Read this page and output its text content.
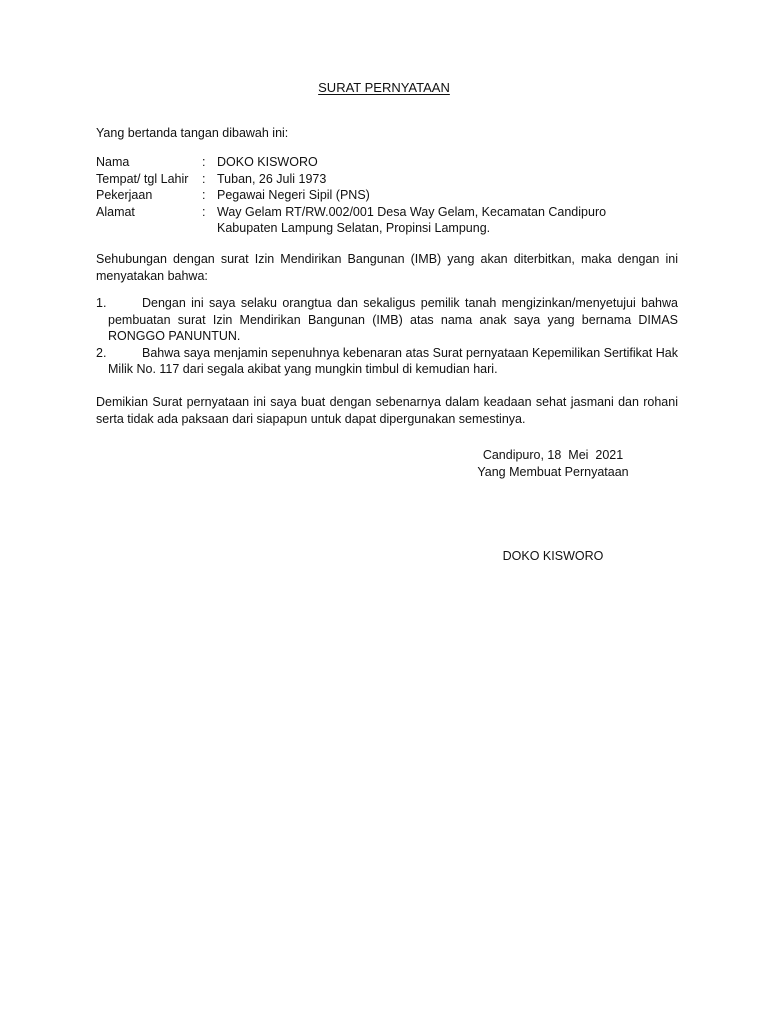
SURAT PERNYATAAN
Yang bertanda tangan dibawah ini:
Nama	: DOKO KISWORO
Tempat/ tgl Lahir	: Tuban, 26 Juli 1973
Pekerjaan	: Pegawai Negeri Sipil (PNS)
Alamat	: Way Gelam RT/RW.002/001 Desa Way Gelam, Kecamatan Candipuro
Kabupaten Lampung Selatan, Propinsi Lampung.
Sehubungan dengan surat Izin Mendirikan Bangunan (IMB) yang akan diterbitkan, maka dengan ini menyatakan bahwa:
1.	Dengan ini saya selaku orangtua dan sekaligus pemilik tanah mengizinkan/menyetujui bahwa pembuatan surat Izin Mendirikan Bangunan (IMB) atas nama anak saya yang bernama DIMAS RONGGO PANUNTUN.
2.	Bahwa saya menjamin sepenuhnya kebenaran atas Surat pernyataan Kepemilikan Sertifikat Hak Milik No. 117 dari segala akibat yang mungkin timbul di kemudian hari.
Demikian Surat pernyataan ini saya buat dengan sebenarnya dalam keadaan sehat jasmani dan rohani serta tidak ada paksaan dari siapapun untuk dapat dipergunakan semestinya.
Candipuro, 18  Mei  2021
Yang Membuat Pernyataan
DOKO KISWORO
